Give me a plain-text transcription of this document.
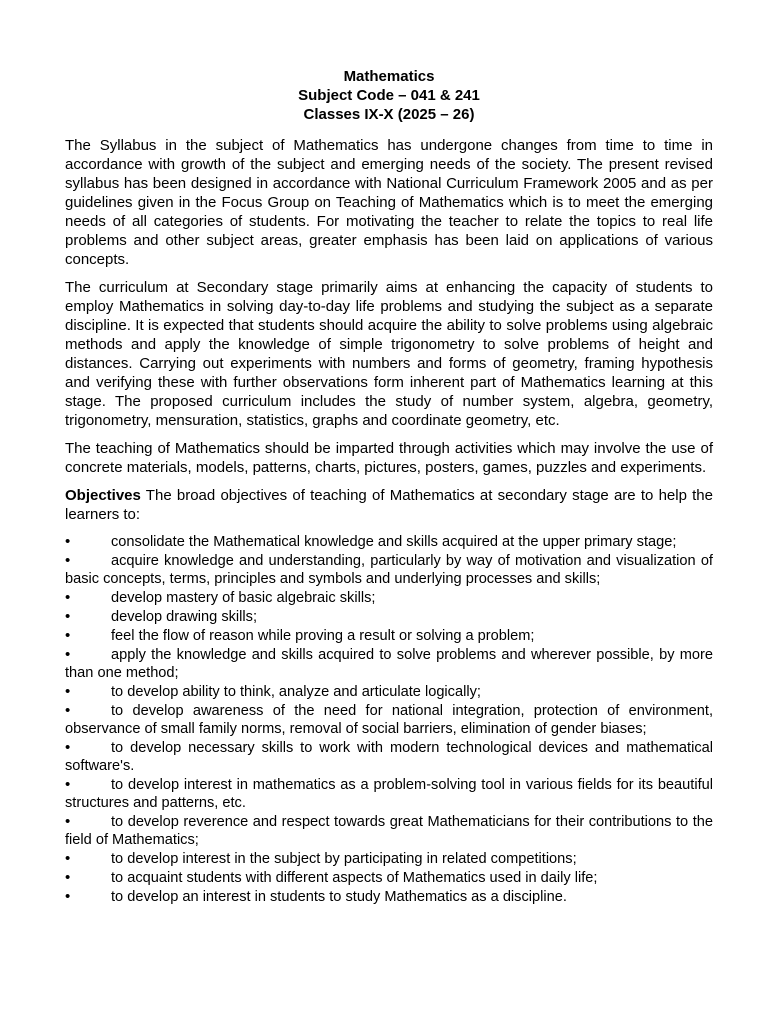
Mathematics
Subject Code – 041 & 241
Classes IX-X (2025 – 26)

The Syllabus in the subject of Mathematics has undergone changes from time to time in accordance with growth of the subject and emerging needs of the society. The present revised syllabus has been designed in accordance with National Curriculum Framework 2005 and as per guidelines given in the Focus Group on Teaching of Mathematics which is to meet the emerging needs of all categories of students. For motivating the teacher to relate the topics to real life problems and other subject areas, greater emphasis has been laid on applications of various concepts.

The curriculum at Secondary stage primarily aims at enhancing the capacity of students to employ Mathematics in solving day-to-day life problems and studying the subject as a separate discipline. It is expected that students should acquire the ability to solve problems using algebraic methods and apply the knowledge of simple trigonometry to solve problems of height and distances. Carrying out experiments with numbers and forms of geometry, framing hypothesis and verifying these with further observations form inherent part of Mathematics learning at this stage. The proposed curriculum includes the study of number system, algebra, geometry, trigonometry, mensuration, statistics, graphs and coordinate geometry, etc.

The teaching of Mathematics should be imparted through activities which may involve the use of concrete materials, models, patterns, charts, pictures, posters, games, puzzles and experiments.

Objectives The broad objectives of teaching of Mathematics at secondary stage are to help the learners to:

•	consolidate the Mathematical knowledge and skills acquired at the upper primary stage;
•	acquire knowledge and understanding, particularly by way of motivation and visualization of basic concepts, terms, principles and symbols and underlying processes and skills;
•	develop mastery of basic algebraic skills;
•	develop drawing skills;
•	feel the flow of reason while proving a result or solving a problem;
•	apply the knowledge and skills acquired to solve problems and wherever possible, by more than one method;
•	to develop ability to think, analyze and articulate logically;
•	to develop awareness of the need for national integration, protection of environment, observance of small family norms, removal of social barriers, elimination of gender biases;
•	to develop necessary skills to work with modern technological devices and mathematical software's.
•	to develop interest in mathematics as a problem-solving tool in various fields for its beautiful structures and patterns, etc.
•	to develop reverence and respect towards great Mathematicians for their contributions to the field of Mathematics;
•	to develop interest in the subject by participating in related competitions;
•	to acquaint students with different aspects of Mathematics used in daily life;
•	to develop an interest in students to study Mathematics as a discipline.
